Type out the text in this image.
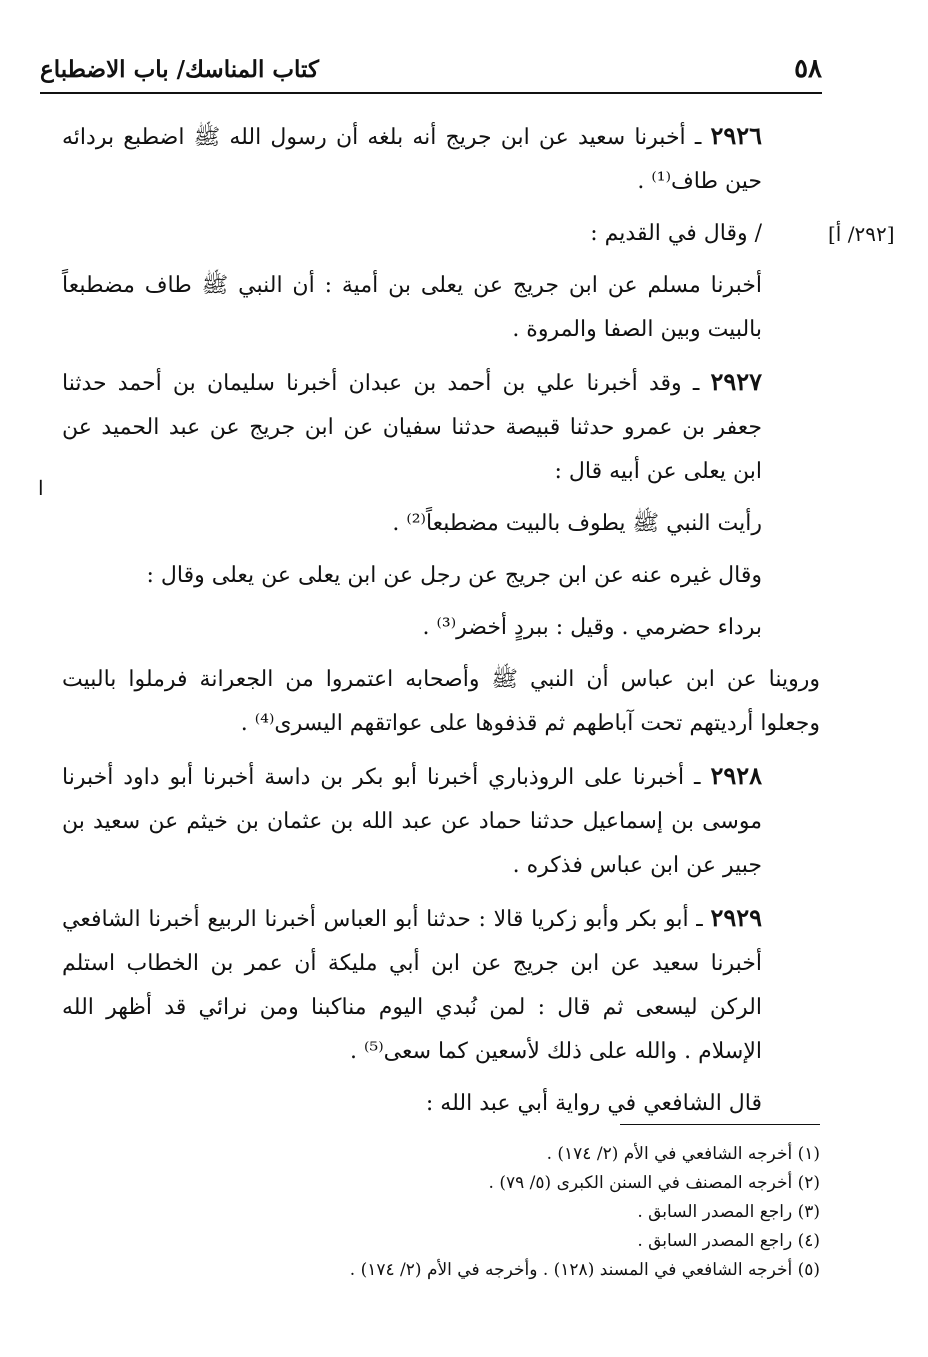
٥٨
كتاب المناسك/ باب الاضطباع
[٢٩٢/ أ]
ا

٢٩٢٦ ـ أخبرنا سعيد عن ابن جريج أنه بلغه أن رسول الله ﷺ اضطبع بردائه حين طاف⁽¹⁾ .

/ وقال في القديم :

أخبرنا مسلم عن ابن جريج عن يعلى بن أمية : أن النبي ﷺ طاف مضطبعاً بالبيت وبين الصفا والمروة .

٢٩٢٧ ـ وقد أخبرنا علي بن أحمد بن عبدان أخبرنا سليمان بن أحمد حدثنا جعفر بن عمرو حدثنا قبيصة حدثنا سفيان عن ابن جريج عن عبد الحميد عن ابن يعلى عن أبيه قال :

رأيت النبي ﷺ يطوف بالبيت مضطبعاً⁽²⁾ .

وقال غيره عنه عن ابن جريج عن رجل عن ابن يعلى عن يعلى وقال :

برداء حضرمي . وقيل : ببردٍ أخضر⁽³⁾ .

وروينا عن ابن عباس أن النبي ﷺ وأصحابه اعتمروا من الجعرانة فرملوا بالبيت وجعلوا أرديتهم تحت آباطهم ثم قذفوها على عواتقهم اليسرى⁽⁴⁾ .

٢٩٢٨ ـ أخبرنا على الروذباري أخبرنا أبو بكر بن داسة أخبرنا أبو داود أخبرنا موسى بن إسماعيل حدثنا حماد عن عبد الله بن عثمان بن خيثم عن سعيد بن جبير عن ابن عباس فذكره .

٢٩٢٩ ـ أبو بكر وأبو زكريا قالا : حدثنا أبو العباس أخبرنا الربيع أخبرنا الشافعي أخبرنا سعيد عن ابن جريج عن ابن أبي مليكة أن عمر بن الخطاب استلم الركن ليسعى ثم قال : لمن نُبدي اليوم مناكبنا ومن نرائي قد أظهر الله الإسلام . والله على ذلك لأسعين كما سعى⁽⁵⁾ .

قال الشافعي في رواية أبي عبد الله :

(١) أخرجه الشافعي في الأم (٢/ ١٧٤) .

(٢) أخرجه المصنف في السنن الكبرى (٥/ ٧٩) .

(٣) راجع المصدر السابق .

(٤) راجع المصدر السابق .

(٥) أخرجه الشافعي في المسند (١٢٨) . وأخرجه في الأم (٢/ ١٧٤) .
